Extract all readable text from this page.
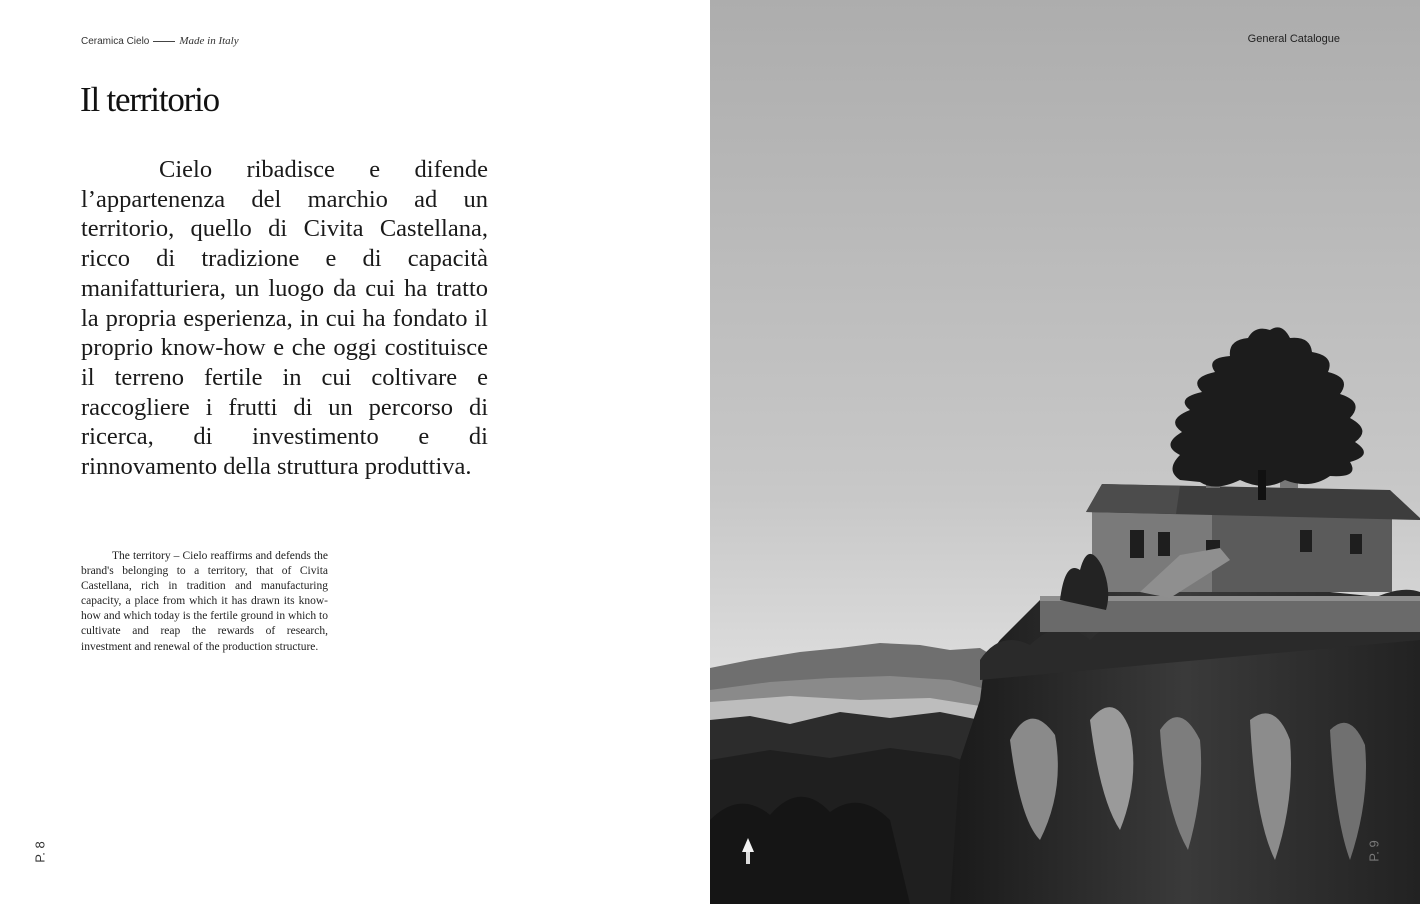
Ceramica Cielo	Made in Italy
Il territorio

Cielo ribadisce e difende l’appartenenza del marchio ad un territorio, quello di Civita Castellana, ricco di tradizione e di capacità manifatturiera, un luogo da cui ha tratto la propria esperienza, in cui ha fondato il proprio know-how e che oggi costituisce il terreno fertile in cui coltivare e raccogliere i frutti di un percorso di ricerca, di investimento e di rinnovamento della struttura produttiva.

The territory – Cielo reaffirms and defends the brand's belonging to a territory, that of Civita Castellana, rich in tradition and manufacturing capacity, a place from which it has drawn its know-how and which today is the fertile ground in which to cultivate and reap the rewards of research, investment and renewal of the production structure.

P. 8
General Catalogue
P. 9
